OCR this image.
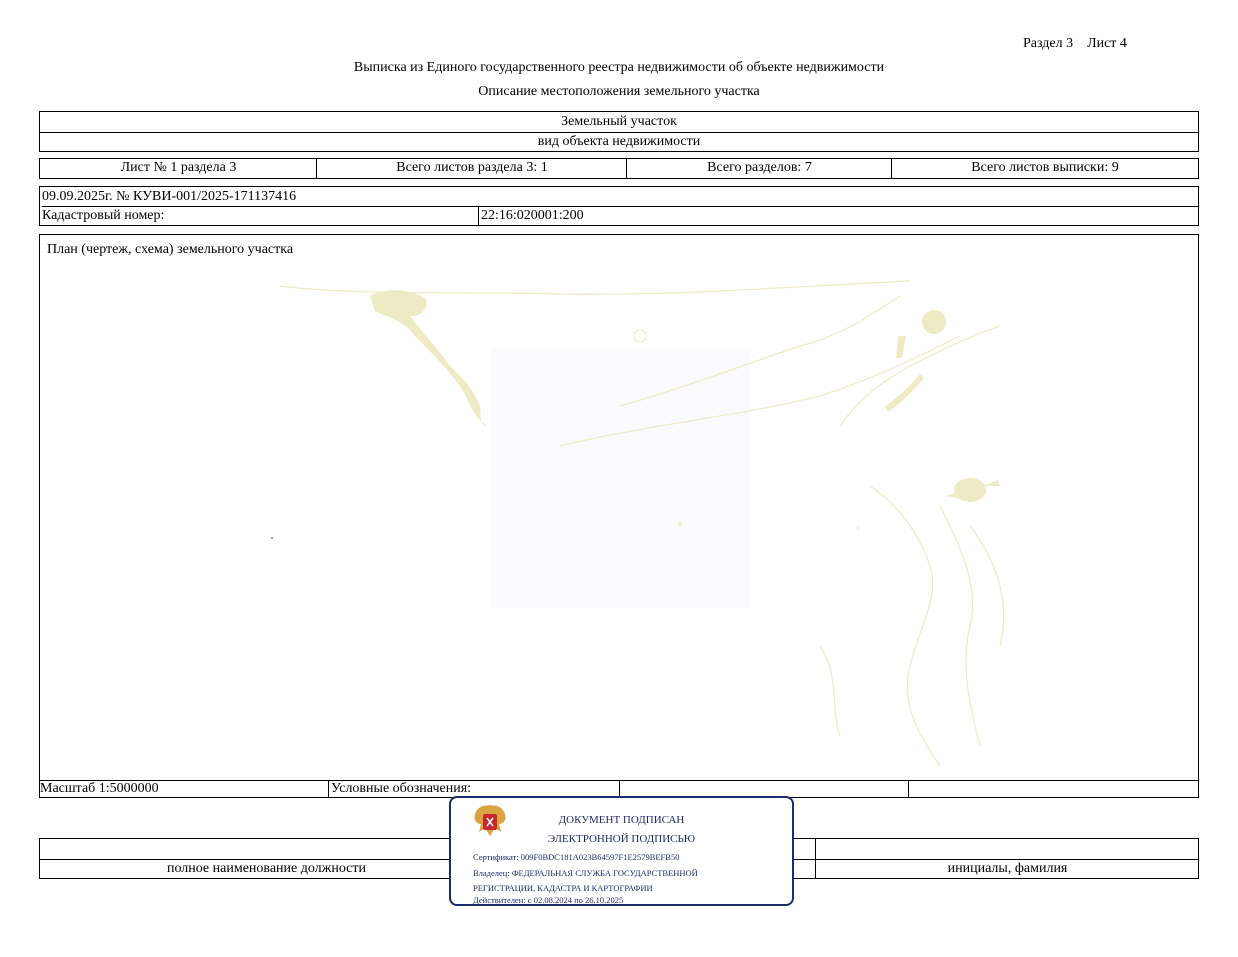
Раздел 3    Лист 4
Выписка из Единого государственного реестра недвижимости об объекте недвижимости
Описание местоположения земельного участка
Земельный участок
вид объекта недвижимости
Лист № 1 раздела 3	Всего листов раздела 3: 1	Всего разделов: 7	Всего листов выписки: 9
09.09.2025г. № КУВИ-001/2025-171137416
Кадастровый номер:	22:16:020001:200
План (чертеж, схема) земельного участка
Масштаб 1:5000000	Условные обозначения:
полное наименование должности	инициалы, фамилия
ДОКУМЕНТ ПОДПИСАН
ЭЛЕКТРОННОЙ ПОДПИСЬЮ
Сертификат: 009F0BDC181A023B64597F1E2579BEFB50
Владелец: ФЕДЕРАЛЬНАЯ СЛУЖБА ГОСУДАРСТВЕННОЙ
РЕГИСТРАЦИИ, КАДАСТРА И КАРТОГРАФИИ
Действителен: с 02.08.2024 по 26.10.2025
